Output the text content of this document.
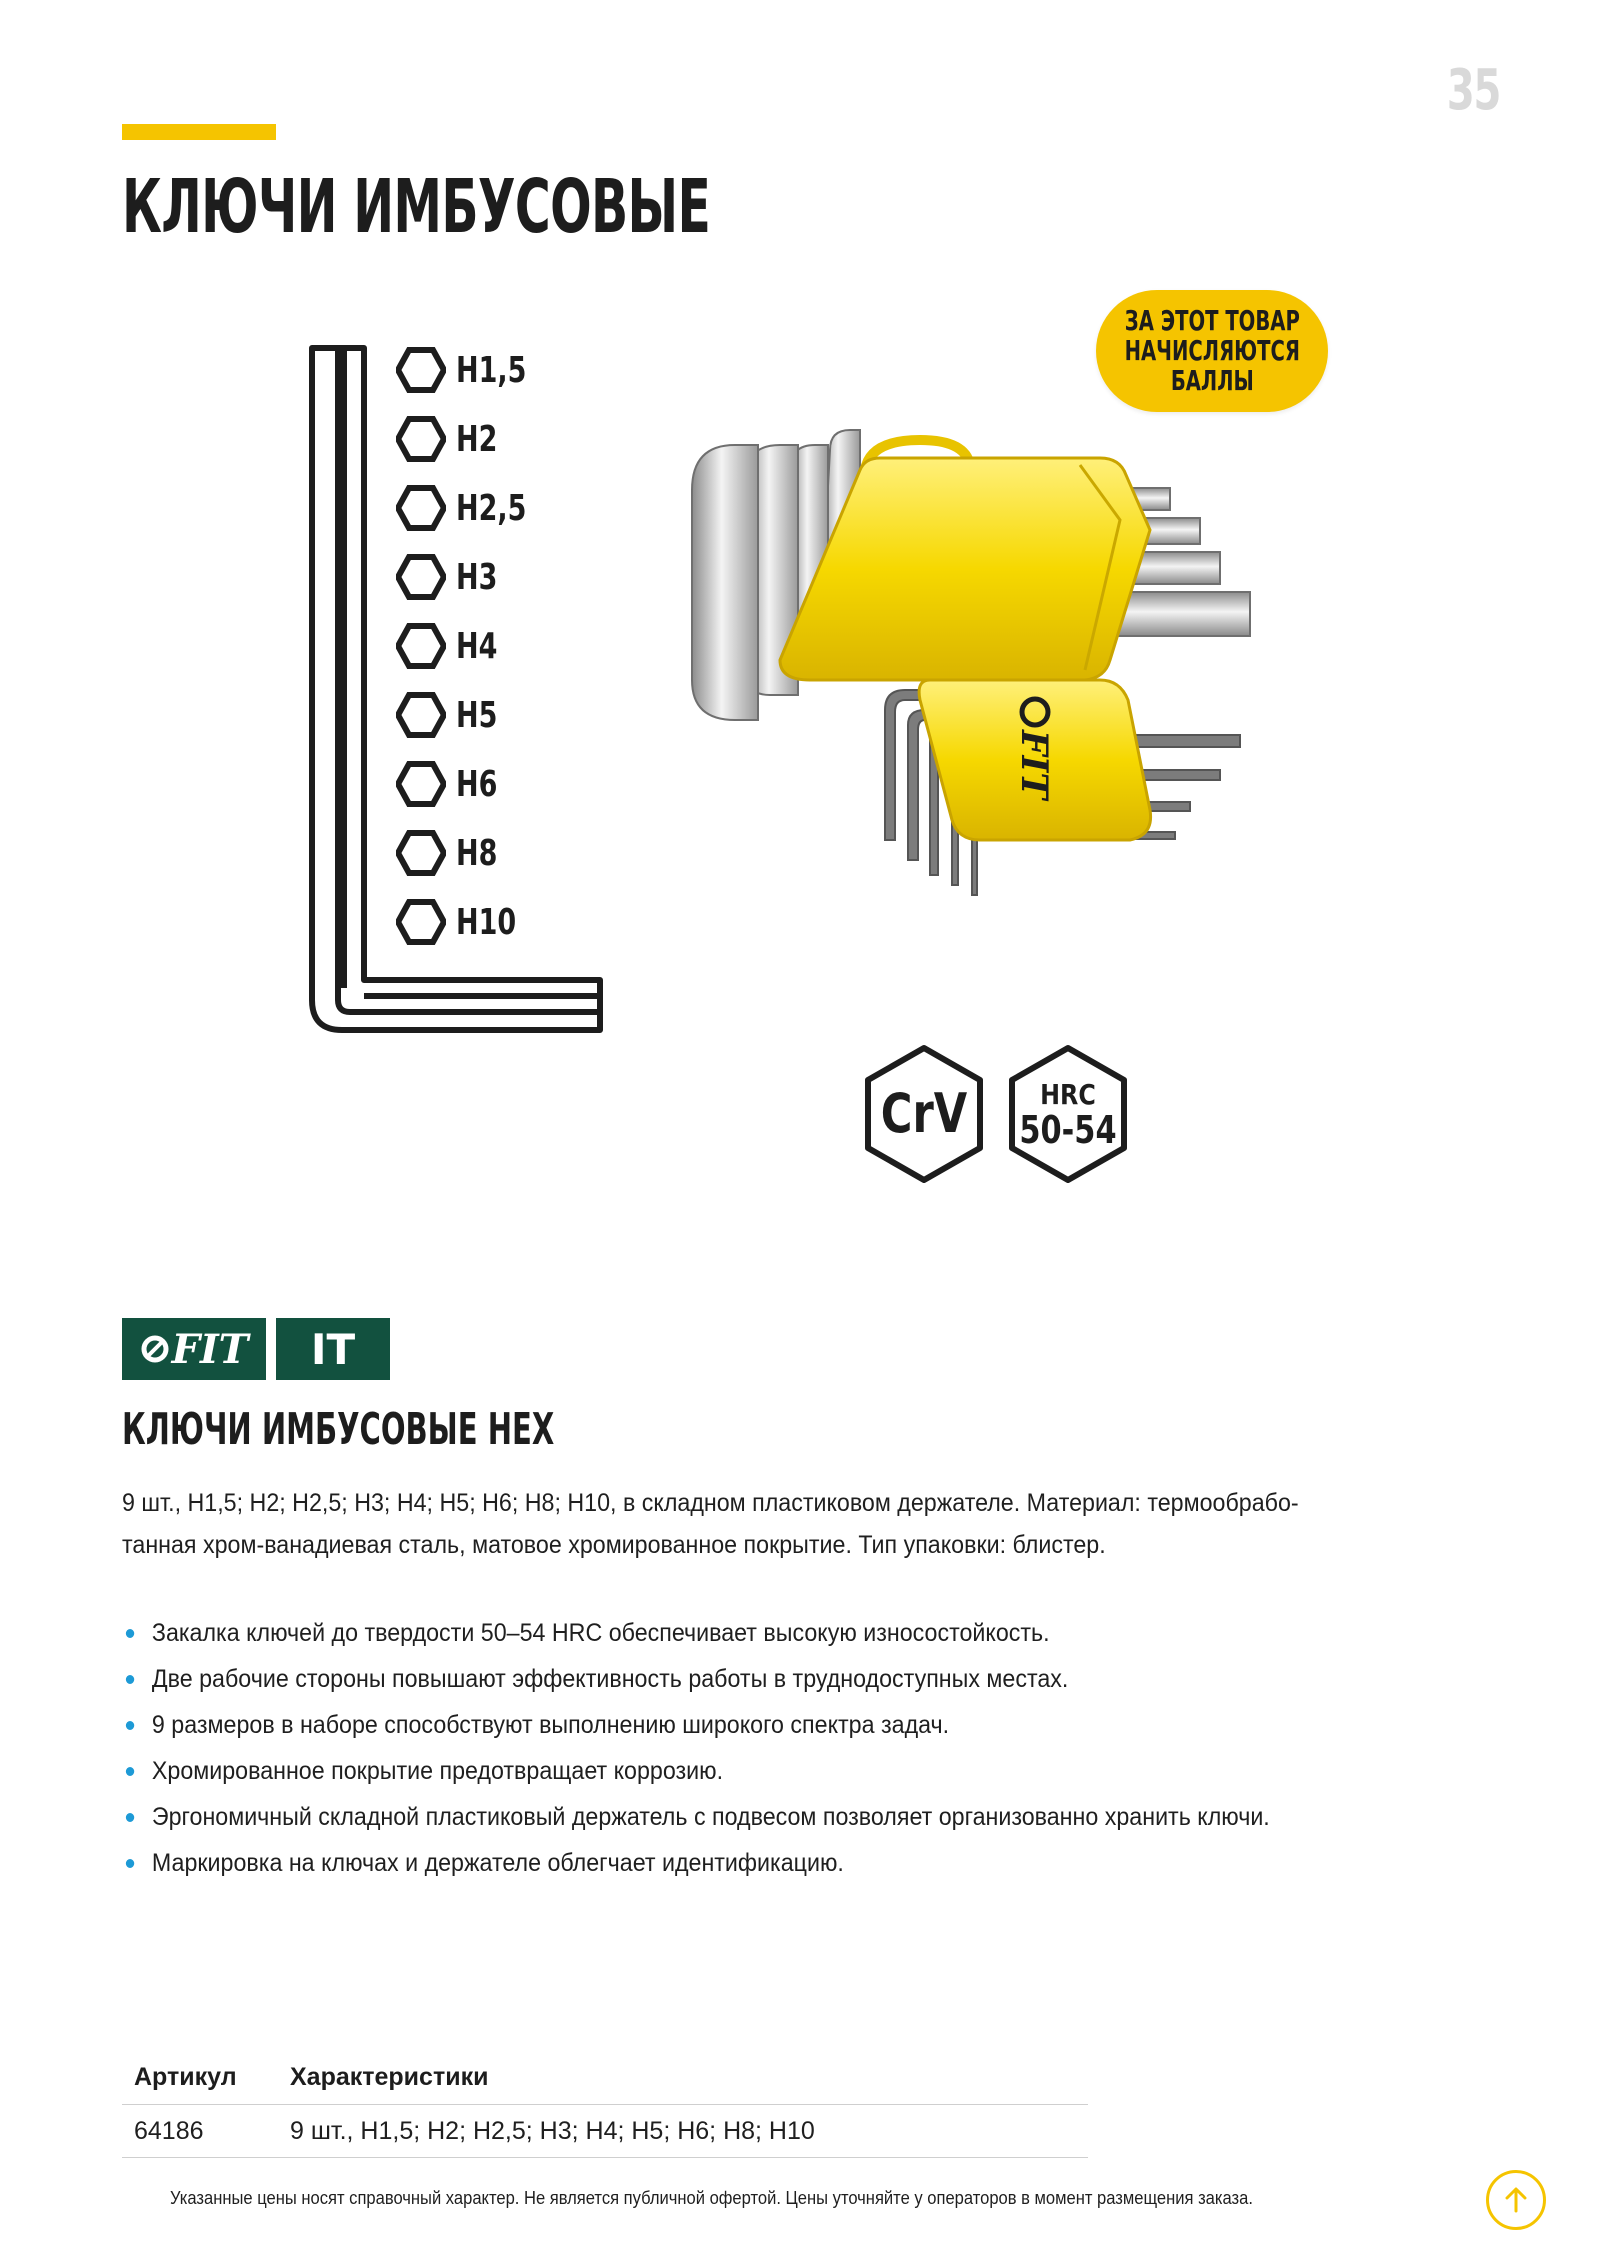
35
КЛЮЧИ ИМБУСОВЫЕ
H1,5
H2
H2,5
H3
H4
H5
H6
H8
H10
FIT
ЗА ЭТОТ ТОВАР
НАЧИСЛЯЮТСЯ
БАЛЛЫ
CrV	HRC
50-54
FIT	IT
КЛЮЧИ ИМБУСОВЫЕ HEX
9 шт., H1,5; H2; H2,5; H3; H4; H5; H6; H8; H10, в складном пластиковом держателе. Материал: термообрабо-
танная хром-ванадиевая сталь, матовое хромированное покрытие. Тип упаковки: блистер.
Закалка ключей до твердости 50–54 HRC обеспечивает высокую износостойкость.
Две рабочие стороны повышают эффективность работы в труднодоступных местах.
9 размеров в наборе способствуют выполнению широкого спектра задач.
Хромированное покрытие предотвращает коррозию.
Эргономичный складной пластиковый держатель с подвесом позволяет организованно хранить ключи.
Маркировка на ключах и держателе облегчает идентификацию.
Артикул	Характеристики
64186	9 шт., H1,5; H2; H2,5; H3; H4; H5; H6; H8; H10
Указанные цены носят справочный характер. Не является публичной офертой. Цены уточняйте у операторов в момент размещения заказа.
